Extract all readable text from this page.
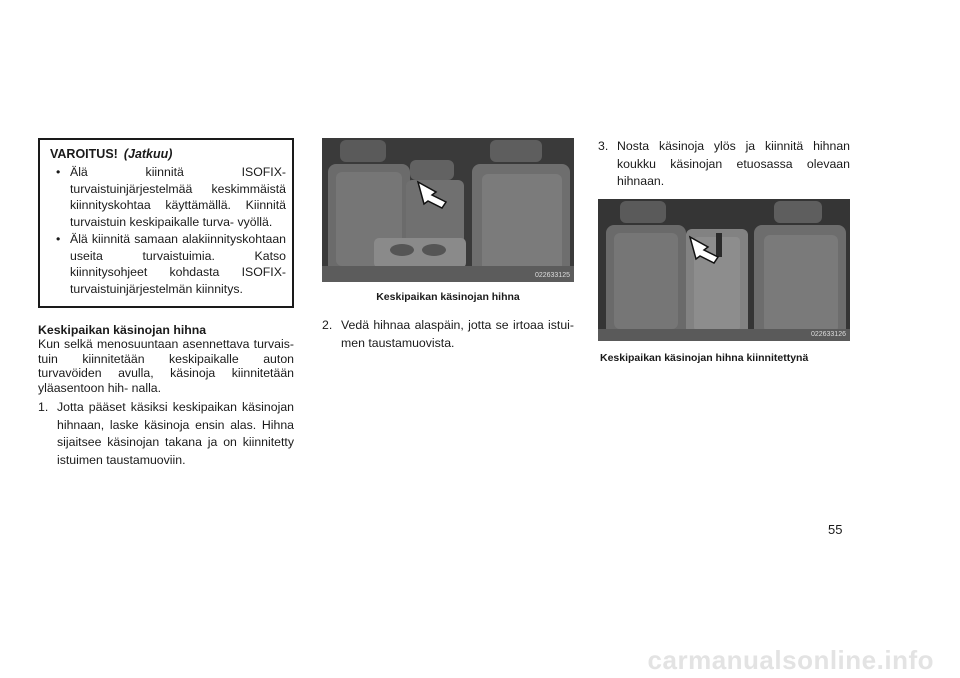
VAROITUS! (Jatkuu)
• Älä kiinnitä ISOFIX-turvaistuinjärjestelmää keskimmäistä kiinnityskohtaa käyttämällä. Kiinnitä turvaistuin keskipaikalle turva- vyöllä.
• Älä kiinnitä samaan alakiinnityskohtaan useita turvaistuimia. Katso kiinnitysohjeet kohdasta ISOFIX-turvaistuinjärjestelmän kiinnitys.
Keskipaikan käsinojan hihna
Kun selkä menosuuntaan asennettava turvais- tuin kiinnitetään keskipaikalle auton turvavöiden avulla, käsinoja kiinnitetään yläasentoon hih- nalla.
1. Jotta pääset käsiksi keskipaikan käsinojan hihnaan, laske käsinoja ensin alas. Hihna sijaitsee käsinojan takana ja on kiinnitetty istuimen taustamuoviin.
022633125
Keskipaikan käsinojan hihna
2. Vedä hihnaa alaspäin, jotta se irtoaa istui- men taustamuovista.
3. Nosta käsinoja ylös ja kiinnitä hihnan koukku käsinojan etuosassa olevaan hihnaan.
022633126
Keskipaikan käsinojan hihna kiinnitettynä
55
carmanualsonline.info
